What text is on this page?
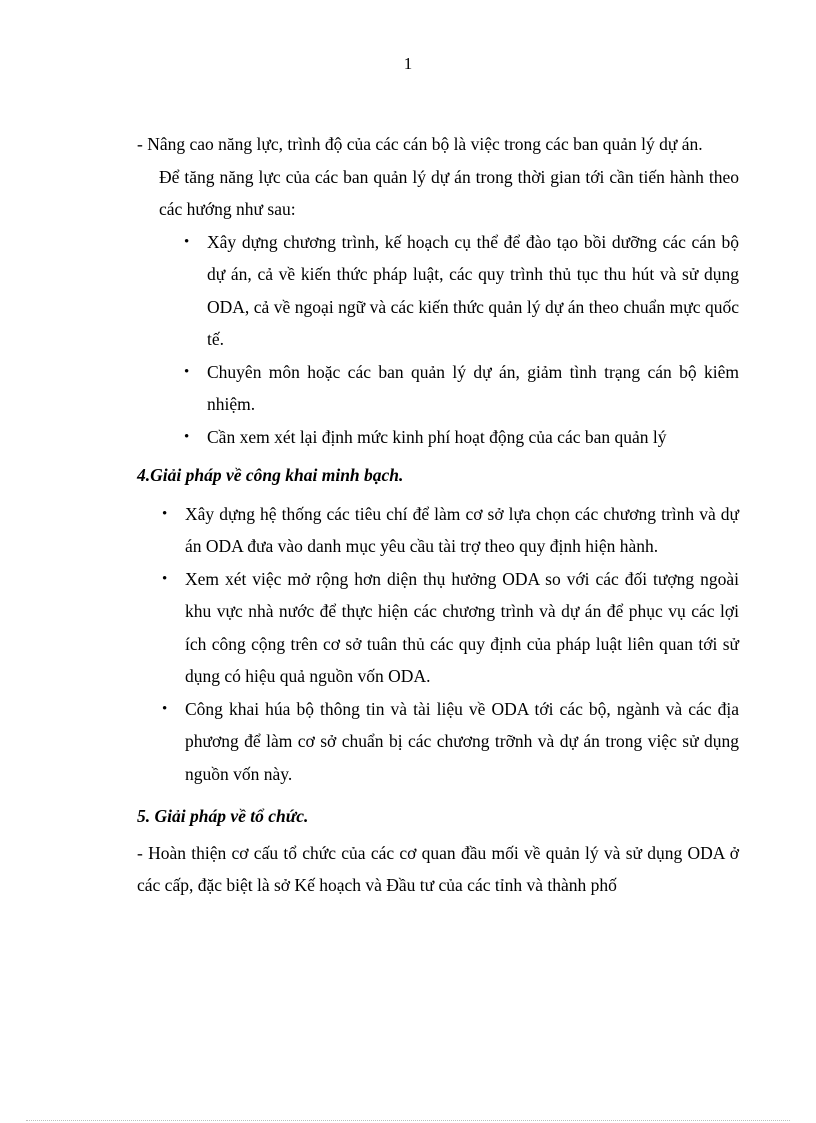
1

- Nâng cao năng lực, trình độ của các cán bộ là việc trong các ban quản lý dự án.

Để tăng năng lực của các ban quản lý dự án trong thời gian tới cần tiến hành theo các hướng như sau:

• Xây dựng chương trình, kế hoạch cụ thể để đào tạo bồi dưỡng các cán bộ dự án, cả về kiến thức pháp luật, các quy trình thủ tục thu hút và sử dụng ODA, cả về ngoại ngữ và các kiến thức quản lý dự án theo chuẩn mực quốc tế.
• Chuyên môn hoặc các ban quản lý dự án, giảm tình trạng cán bộ kiêm nhiệm.
• Cần xem xét lại định mức kinh phí hoạt động của các ban quản lý

4.Giải pháp về công khai minh bạch.

• Xây dựng hệ thống các tiêu chí để làm cơ sở lựa chọn các chương trình và dự án ODA đưa vào danh mục yêu cầu tài trợ theo quy định hiện hành.
• Xem xét việc mở rộng hơn diện thụ hưởng ODA so với các đối tượng ngoài khu vực nhà nước để thực hiện các chương trình và dự án để phục vụ các lợi ích công cộng trên cơ sở tuân thủ các quy định của pháp luật liên quan tới sử dụng có hiệu quả nguồn vốn ODA.
• Công khai húa bộ thông tin và tài liệu về ODA tới các bộ, ngành và các địa phương để làm cơ sở chuẩn bị các chương trỡnh và dự án trong việc sử dụng nguồn vốn này.

5. Giải pháp về tổ chức.

- Hoàn thiện cơ cấu tổ chức của các cơ quan đầu mối về quản lý và sử dụng ODA ở các cấp, đặc biệt là sở Kế hoạch và Đầu tư của các tỉnh và thành phố
